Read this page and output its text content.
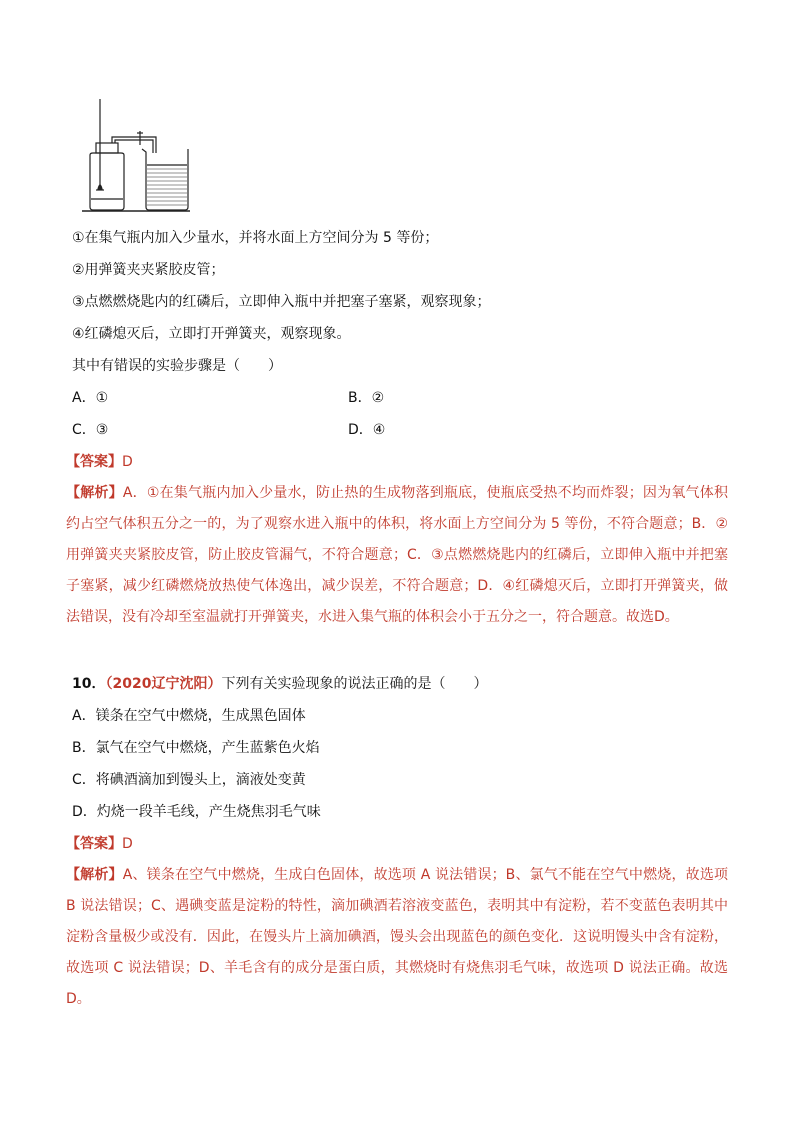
①在集气瓶内加入少量水，并将水面上方空间分为 5 等份；
②用弹簧夹夹紧胶皮管；
③点燃燃烧匙内的红磷后，立即伸入瓶中并把塞子塞紧，观察现象；
④红磷熄灭后，立即打开弹簧夹，观察现象。
其中有错误的实验步骤是（　　）
A．①	B．②
C．③	D．④
【答案】D
【解析】A．①在集气瓶内加入少量水，防止热的生成物落到瓶底，使瓶底受热不均而炸裂；因为氧气体积约占空气体积五分之一的，为了观察水进入瓶中的体积，将水面上方空间分为 5 等份，不符合题意；B．②用弹簧夹夹紧胶皮管，防止胶皮管漏气，不符合题意；C．③点燃燃烧匙内的红磷后，立即伸入瓶中并把塞子塞紧，减少红磷燃烧放热使气体逸出，减少误差，不符合题意；D．④红磷熄灭后，立即打开弹簧夹，做法错误，没有冷却至室温就打开弹簧夹，水进入集气瓶的体积会小于五分之一，符合题意。故选D。
10．（2020辽宁沈阳）下列有关实验现象的说法正确的是（　　）
A．镁条在空气中燃烧，生成黑色固体
B．氯气在空气中燃烧，产生蓝紫色火焰
C．将碘酒滴加到馒头上，滴液处变黄
D．灼烧一段羊毛线，产生烧焦羽毛气味
【答案】D
【解析】A、镁条在空气中燃烧，生成白色固体，故选项 A 说法错误；B、氯气不能在空气中燃烧，故选项 B 说法错误；C、遇碘变蓝是淀粉的特性，滴加碘酒若溶液变蓝色，表明其中有淀粉，若不变蓝色表明其中淀粉含量极少或没有．因此，在馒头片上滴加碘酒，馒头会出现蓝色的颜色变化．这说明馒头中含有淀粉，故选项 C 说法错误；D、羊毛含有的成分是蛋白质，其燃烧时有烧焦羽毛气味，故选项 D 说法正确。故选D。
